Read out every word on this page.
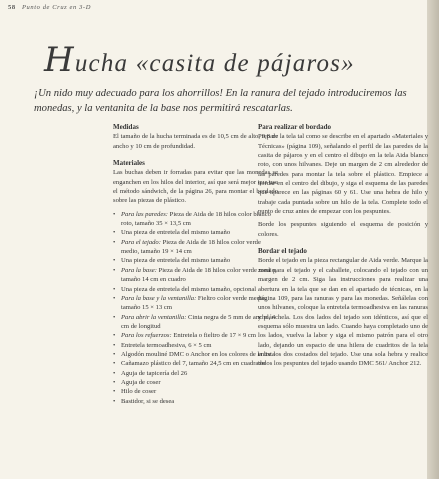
58 Punto de Cruz en 3-D
Hucha «casita de pájaros»
¡Un nido muy adecuado para los ahorrillos! En la ranura del tejado introduciremos las monedas, y la ventanita de la base nos permitirá rescatarlas.

Medidas

El tamaño de la hucha terminada es de 10,5 cm de alto, 9,8 de ancho y 10 cm de profundidad.

Materiales

Las buchas deben ir forradas para evitar que las monedas se enganchen en los hilos del interior, así que será mejor que use el método sándwich, de la página 26, para montar el bordado sobre las piezas de plástico.

• Para las paredes: Pieza de Aida de 18 hilos color blanco roto, tamaño 35 × 13,5 cm
• Una pieza de entretela del mismo tamaño
• Para el tejado: Pieza de Aida de 18 hilos color verde medio, tamaño 19 × 14 cm
• Una pieza de entretela del mismo tamaño
• Para la base: Pieza de Aida de 18 hilos color verde medio, tamaño 14 cm en cuadro
• Una pieza de entretela del mismo tamaño, opcional
• Para la base y la ventanilla: Fieltro color verde medio, tamaño 15 × 13 cm
• Para abrir la ventanilla: Cinta negra de 5 mm de ancho, 4 cm de longitud
• Para los refuerzos: Entretela o fieltro de 17 × 9 cm
• Entretela termoadhesiva, 6 × 5 cm
• Algodón mouliné DMC o Anchor en los colores de la lista
• Cañamazo plástico del 7, tamaño 24,5 cm en cuadrado
• Aguja de tapicería del 26
• Aguja de coser
• Hilo de coser
• Bastidor, si se desea

Para realizar el bordado

Prepare la tela tal como se describe en el apartado «Materiales y Técnicas» (página 109), señalando el perfil de las paredes de la casita de pájaros y en el centro el dibujo en la tela Aida blanco roto, con unos hilvanes. Deje un margen de 2 cm alrededor de las paredes para montar la tela sobre el plástico. Empiece a bordar en el centro del dibujo, y siga el esquema de las paredes que aparece en las páginas 60 y 61. Use una hebra de hilo y trabaje cada puntada sobre un hilo de la tela. Complete todo el punto de cruz antes de empezar con los pespuntes.

Borde los pespuntes siguiendo el esquema de posición y colores.

Bordar el tejado

Borde el tejado en la pieza rectangular de Aida verde. Marque la zona para el tejado y el caballete, colocando el tejado con un margen de 2 cm. Siga las instrucciones para realizar una abertura en la tela que se dan en el apartado de técnicas, en la página 109, para las ranuras y para las monedas. Señálelas con unos hilvanes, coloque la entretela termoadhesiva en las ranuras y plánchela. Los dos lados del tejado son idénticos, así que el esquema sólo muestra un lado. Cuando haya completado uno de los lados, vuelva la labor y siga el mismo patrón para el otro lado, dejando un espacio de una hilera de cuadritos de la tela entre los dos costados del tejado. Use una sola hebra y realice todos los pespuntes del tejado usando DMC 561/ Anchor 212.
